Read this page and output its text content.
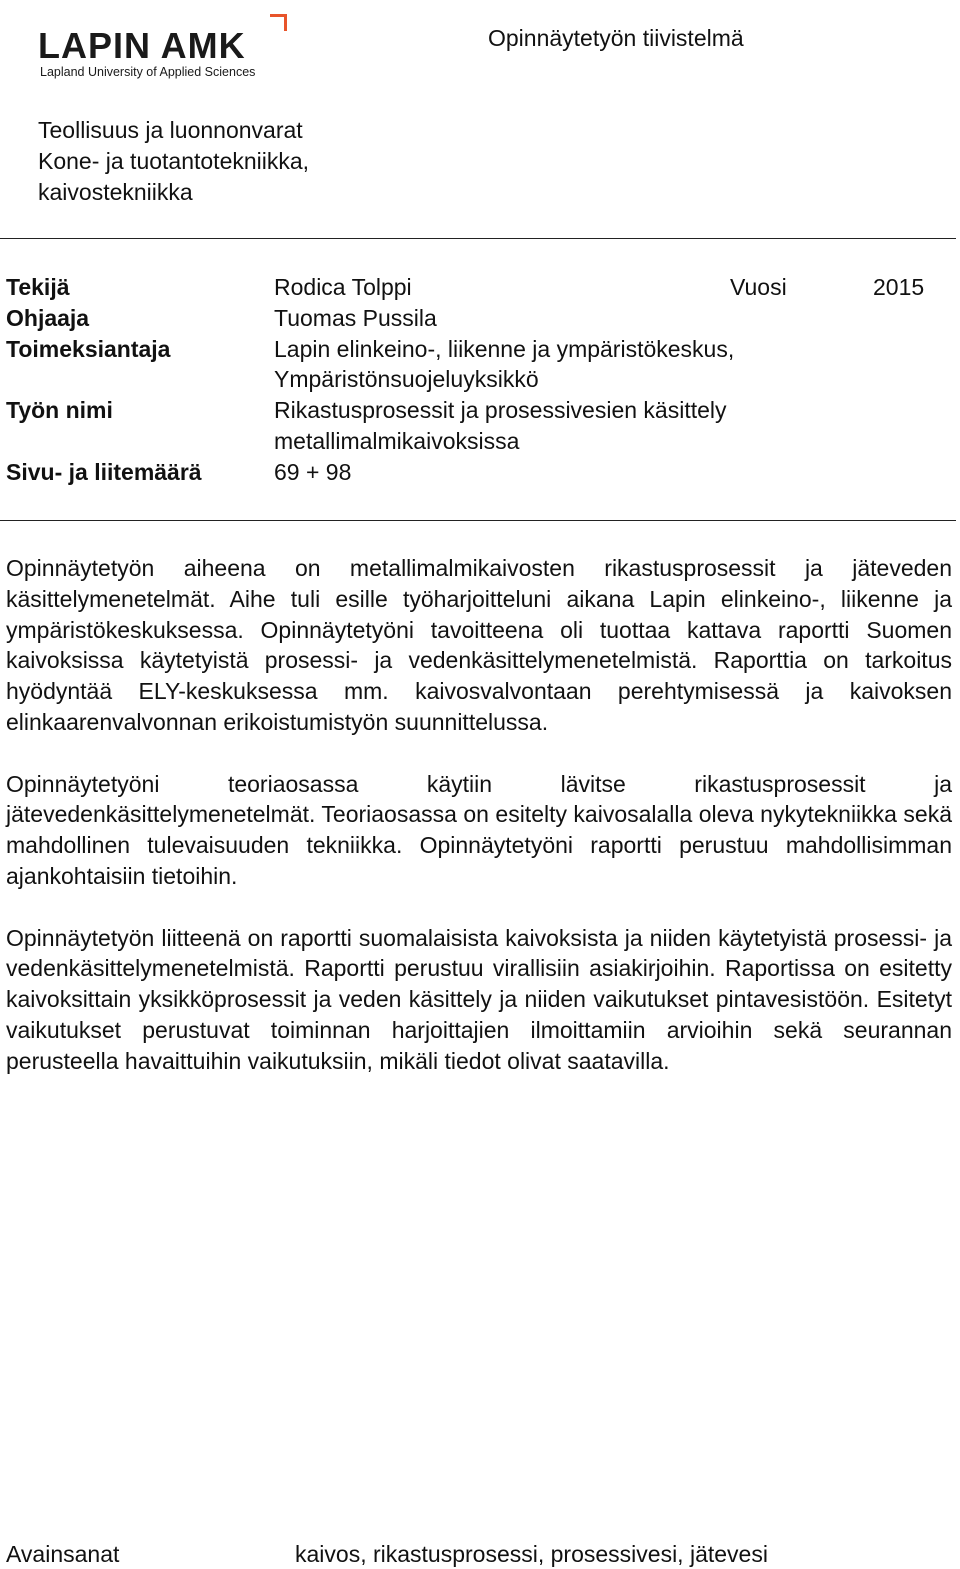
LAPIN AMK
Lapland University of Applied Sciences
Opinnäytetyön tiivistelmä
Teollisuus ja luonnonvarat
Kone- ja tuotantotekniikka,
kaivostekniikka
Tekijä	Rodica Tolppi	Vuosi	2015
Ohjaaja	Tuomas Pussila
Toimeksiantaja	Lapin elinkeino-, liikenne ja ympäristökeskus,
Ympäristönsuojeluyksikkö
Työn nimi	Rikastusprosessit ja prosessivesien käsittely
metallimalmikaivoksissa
Sivu- ja liitemäärä	69 + 98

Opinnäytetyön aiheena on metallimalmikaivosten rikastusprosessit ja jäteveden käsittelymenetelmät. Aihe tuli esille työharjoitteluni aikana Lapin elinkeino-, liikenne ja ympäristökeskuksessa. Opinnäytetyöni tavoitteena oli tuottaa kattava raportti Suomen kaivoksissa käytetyistä prosessi- ja vedenkäsittelymenetelmistä. Raporttia on tarkoitus hyödyntää ELY-keskuksessa mm. kaivosvalvontaan perehtymisessä ja kaivoksen elinkaarenvalvonnan erikoistumistyön suunnittelussa.

Opinnäytetyöni teoriaosassa käytiin lävitse rikastusprosessit ja jätevedenkäsittelymenetelmät. Teoriaosassa on esitelty kaivosalalla oleva nykytekniikka sekä mahdollinen tulevaisuuden tekniikka. Opinnäytetyöni raportti perustuu mahdollisimman ajankohtaisiin tietoihin.

Opinnäytetyön liitteenä on raportti suomalaisista kaivoksista ja niiden käytetyistä prosessi- ja vedenkäsittelymenetelmistä. Raportti perustuu virallisiin asiakirjoihin. Raportissa on esitetty kaivoksittain yksikköprosessit ja veden käsittely ja niiden vaikutukset pintavesistöön. Esitetyt vaikutukset perustuvat toiminnan harjoittajien ilmoittamiin arvioihin sekä seurannan perusteella havaittuihin vaikutuksiin, mikäli tiedot olivat saatavilla.

Avainsanat	kaivos, rikastusprosessi, prosessivesi, jätevesi
